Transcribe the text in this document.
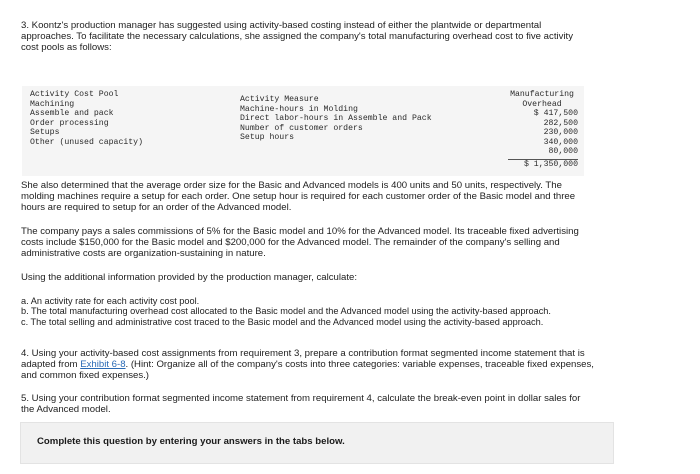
3. Koontz's production manager has suggested using activity-based costing instead of either the plantwide or departmental
approaches. To facilitate the necessary calculations, she assigned the company's total manufacturing overhead cost to five activity
cost pools as follows:
Activity Cost Pool
Machining
Assemble and pack
Order processing
Setups
Other (unused capacity)
Activity Measure
Machine-hours in Molding
Direct labor-hours in Assemble and Pack
Number of customer orders
Setup hours
Manufacturing
Overhead
$ 417,500
282,500
230,000
340,000
80,000
$ 1,350,000
She also determined that the average order size for the Basic and Advanced models is 400 units and 50 units, respectively. The
molding machines require a setup for each order. One setup hour is required for each customer order of the Basic model and three
hours are required to setup for an order of the Advanced model.
The company pays a sales commissions of 5% for the Basic model and 10% for the Advanced model. Its traceable fixed advertising
costs include $150,000 for the Basic model and $200,000 for the Advanced model. The remainder of the company's selling and
administrative costs are organization-sustaining in nature.
Using the additional information provided by the production manager, calculate:
a. An activity rate for each activity cost pool.
b. The total manufacturing overhead cost allocated to the Basic model and the Advanced model using the activity-based approach.
c. The total selling and administrative cost traced to the Basic model and the Advanced model using the activity-based approach.
4. Using your activity-based cost assignments from requirement 3, prepare a contribution format segmented income statement that is
adapted from Exhibit 6-8. (Hint: Organize all of the company's costs into three categories: variable expenses, traceable fixed expenses,
and common fixed expenses.)
5. Using your contribution format segmented income statement from requirement 4, calculate the break-even point in dollar sales for
the Advanced model.
Complete this question by entering your answers in the tabs below.
